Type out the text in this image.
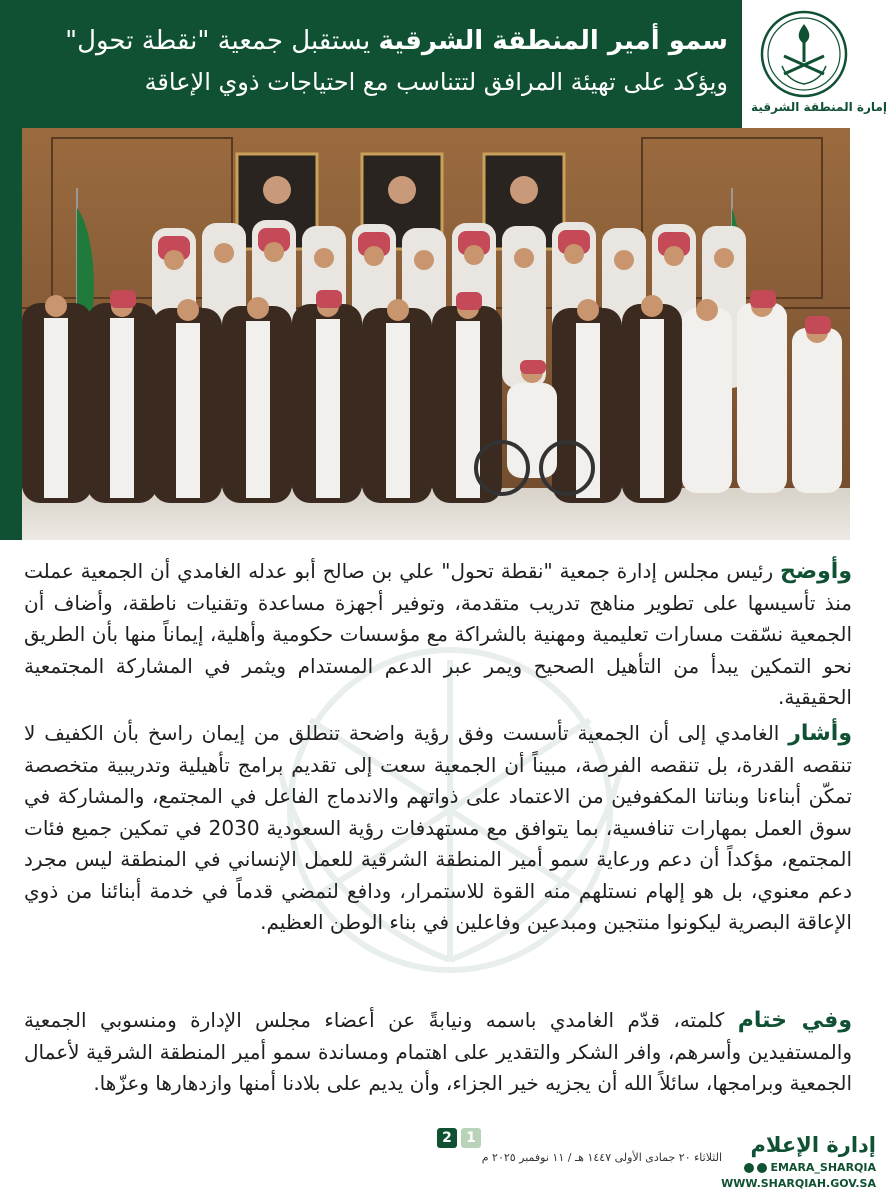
سمو أمير المنطقة الشرقية يستقبل جمعية "نقطة تحول"
ويؤكد على تهيئة المرافق لتتناسب مع احتياجات ذوي الإعاقة
إمارة المنطقة الشرقية

وأوضح رئيس مجلس إدارة جمعية "نقطة تحول" علي بن صالح أبو عدله الغامدي أن الجمعية عملت منذ تأسيسها على تطوير مناهج تدريب متقدمة، وتوفير أجهزة مساعدة وتقنيات ناطقة، وأضاف أن الجمعية نسّقت مسارات تعليمية ومهنية بالشراكة مع مؤسسات حكومية وأهلية، إيماناً منها بأن الطريق نحو التمكين يبدأ من التأهيل الصحيح ويمر عبر الدعم المستدام ويثمر في المشاركة المجتمعية الحقيقية.

وأشار الغامدي إلى أن الجمعية تأسست وفق رؤية واضحة تنطلق من إيمان راسخ بأن الكفيف لا تنقصه القدرة، بل تنقصه الفرصة، مبيناً أن الجمعية سعت إلى تقديم برامج تأهيلية وتدريبية متخصصة تمكّن أبناءنا وبناتنا المكفوفين من الاعتماد على ذواتهم والاندماج الفاعل في المجتمع، والمشاركة في سوق العمل بمهارات تنافسية، بما يتوافق مع مستهدفات رؤية السعودية 2030 في تمكين جميع فئات المجتمع، مؤكداً أن دعم ورعاية سمو أمير المنطقة الشرقية للعمل الإنساني في المنطقة ليس مجرد دعم معنوي، بل هو إلهام نستلهم منه القوة للاستمرار، ودافع لنمضي قدماً في خدمة أبنائنا من ذوي الإعاقة البصرية ليكونوا منتجين ومبدعين وفاعلين في بناء الوطن العظيم.

وفي ختام كلمته، قدّم الغامدي باسمه ونيابةً عن أعضاء مجلس الإدارة ومنسوبي الجمعية والمستفيدين وأسرهم، وافر الشكر والتقدير على اهتمام ومساندة سمو أمير المنطقة الشرقية لأعمال الجمعية وبرامجها، سائلاً الله أن يجزيه خير الجزاء، وأن يديم على بلادنا أمنها وازدهارها وعزّها.

2	1
الثلاثاء ٢٠ جمادى الأولى ١٤٤٧ هـ / ١١ نوفمبر ٢٠٢٥ م
إدارة الإعلام
EMARA_SHARQIA
WWW.SHARQIAH.GOV.SA
